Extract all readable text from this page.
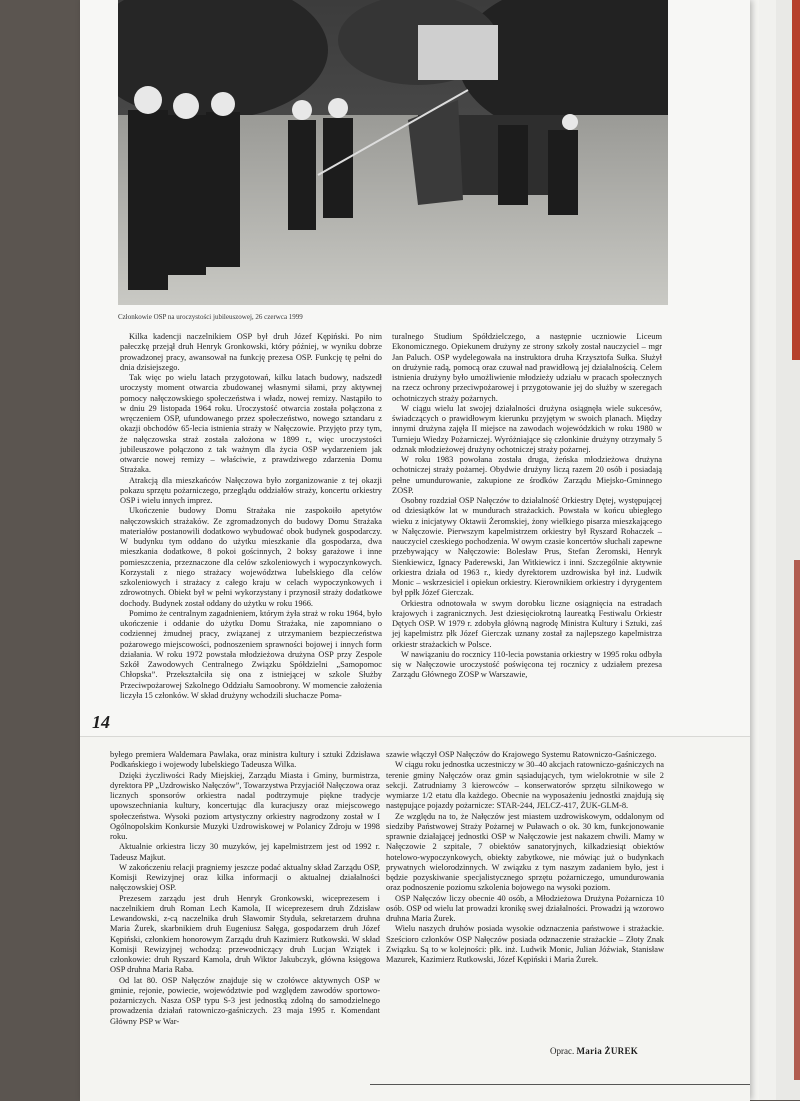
Członkowie OSP na uroczystości jubileuszowej, 26 czerwca 1999

Kilka kadencji naczelnikiem OSP był druh Józef Kępiński. Po nim pałeczkę przejął druh Henryk Gronkowski, który później, w wyniku dobrze prowadzonej pracy, awansował na funkcję prezesa OSP. Funkcję tę pełni do dnia dzisiejszego.

Tak więc po wielu latach przygotowań, kilku latach budowy, nadszedł uroczysty moment otwarcia zbudowanej własnymi siłami, przy aktywnej pomocy nałęczowskiego społeczeństwa i władz, nowej remizy. Nastąpiło to w dniu 29 listopada 1964 roku. Uroczystość otwarcia została połączona z wręczeniem OSP, ufundowanego przez społeczeństwo, nowego sztandaru z okazji obchodów 65-lecia istnienia straży w Nałęczowie. Przyjęto przy tym, że nałęczowska straż została założona w 1899 r., więc uroczystości jubileuszowe połączono z tak ważnym dla życia OSP wydarzeniem jak otwarcie nowej remizy – właściwie, z prawdziwego zdarzenia Domu Strażaka.

Atrakcją dla mieszkańców Nałęczowa było zorganizowanie z tej okazji pokazu sprzętu pożarniczego, przeglądu oddziałów straży, koncertu orkiestry OSP i wielu innych imprez.

Ukończenie budowy Domu Strażaka nie zaspokoiło apetytów nałęczowskich strażaków. Ze zgromadzonych do budowy Domu Strażaka materiałów postanowili dodatkowo wybudować obok budynek gospodarczy. W budynku tym oddano do użytku mieszkanie dla gospodarza, dwa mieszkania dodatkowe, 8 pokoi gościnnych, 2 boksy garażowe i inne pomieszczenia, przeznaczone dla celów szkoleniowych i wypoczynkowych. Korzystali z niego strażacy województwa lubelskiego dla celów szkoleniowych i strażacy z całego kraju w celach wypoczynkowych i zdrowotnych. Obiekt był w pełni wykorzystany i przynosił straży dodatkowe dochody. Budynek został oddany do użytku w roku 1966.

Pomimo że centralnym zagadnieniem, którym żyła straż w roku 1964, było ukończenie i oddanie do użytku Domu Strażaka, nie zapomniano o codziennej żmudnej pracy, związanej z utrzymaniem bezpieczeństwa pożarowego miejscowości, podnoszeniem sprawności bojowej i innych form działania. W roku 1972 powstała młodzieżowa drużyna OSP przy Zespole Szkół Zawodowych Centralnego Związku Spółdzielni „Samopomoc Chłopska”. Przekształciła się ona z istniejącej w szkole Służby Przeciwpożarowej Szkolnego Oddziału Samoobrony. W momencie założenia liczyła 15 członków. W skład drużyny wchodzili słuchacze Poma-

turalnego Studium Spółdzielczego, a następnie uczniowie Liceum Ekonomicznego. Opiekunem drużyny ze strony szkoły został nauczyciel – mgr Jan Paluch. OSP wydelegowała na instruktora druha Krzysztofa Sułka. Służył on drużynie radą, pomocą oraz czuwał nad prawidłową jej działalnością. Celem istnienia drużyny było umożliwienie młodzieży udziału w pracach społecznych na rzecz ochrony przeciwpożarowej i przygotowanie jej do służby w szeregach ochotniczych straży pożarnych.

W ciągu wielu lat swojej działalności drużyna osiągnęła wiele sukcesów, świadczących o prawidłowym kierunku przyjętym w swoich planach. Między innymi drużyna zajęła II miejsce na zawodach wojewódzkich w roku 1980 w Turnieju Wiedzy Pożarniczej. Wyróżniające się członkinie drużyny otrzymały 5 odznak młodzieżowej drużyny ochotniczej straży pożarnej.

W roku 1983 powołana została druga, żeńska młodzieżowa drużyna ochotniczej straży pożarnej. Obydwie drużyny liczą razem 20 osób i posiadają pełne umundurowanie, zakupione ze środków Zarządu Miejsko-Gminnego ZOSP.

Osobny rozdział OSP Nałęczów to działalność Orkiestry Dętej, występującej od dziesiątków lat w mundurach strażackich. Powstała w końcu ubiegłego wieku z inicjatywy Oktawii Żeromskiej, żony wielkiego pisarza mieszkającego w Nałęczowie. Pierwszym kapelmistrzem orkiestry był Ryszard Rohaczek – nauczyciel czeskiego pochodzenia. W owym czasie koncertów słuchali zapewne przebywający w Nałęczowie: Bolesław Prus, Stefan Żeromski, Henryk Sienkiewicz, Ignacy Paderewski, Jan Witkiewicz i inni. Szczególnie aktywnie orkiestra działa od 1963 r., kiedy dyrektorem uzdrowiska był inż. Ludwik Monic – wskrzesiciel i opiekun orkiestry. Kierownikiem orkiestry i dyrygentem był ppłk Józef Gierczak.

Orkiestra odnotowała w swym dorobku liczne osiągnięcia na estradach krajowych i zagranicznych. Jest dziesięciokrotną laureatką Festiwalu Orkiestr Dętych OSP. W 1979 r. zdobyła główną nagrodę Ministra Kultury i Sztuki, zaś jej kapelmistrz płk Józef Gierczak uznany został za najlepszego kapelmistrza orkiestr strażackich w Polsce.

W nawiązaniu do rocznicy 110-lecia powstania orkiestry w 1995 roku odbyła się w Nałęczowie uroczystość poświęcona tej rocznicy z udziałem prezesa Zarządu Głównego ZOSP w Warszawie,

14

byłego premiera Waldemara Pawlaka, oraz ministra kultury i sztuki Zdzisława Podkańskiego i wojewody lubelskiego Tadeusza Wilka.

Dzięki życzliwości Rady Miejskiej, Zarządu Miasta i Gminy, burmistrza, dyrektora PP „Uzdrowisko Nałęczów”, Towarzystwa Przyjaciół Nałęczowa oraz licznych sponsorów orkiestra nadal podtrzymuje piękne tradycje upowszechniania kultury, koncertując dla kuracjuszy oraz miejscowego społeczeństwa. Wysoki poziom artystyczny orkiestry nagrodzony został w I Ogólnopolskim Konkursie Muzyki Uzdrowiskowej w Polanicy Zdroju w 1998 roku.

Aktualnie orkiestra liczy 30 muzyków, jej kapelmistrzem jest od 1992 r. Tadeusz Majkut.

W zakończeniu relacji pragniemy jeszcze podać aktualny skład Zarządu OSP, Komisji Rewizyjnej oraz kilka informacji o aktualnej działalności nałęczowskiej OSP.

Prezesem zarządu jest druh Henryk Gronkowski, wiceprezesem i naczelnikiem druh Roman Lech Kamola, II wiceprezesem druh Zdzisław Lewandowski, z-cą naczelnika druh Sławomir Styduła, sekretarzem druhna Maria Żurek, skarbnikiem druh Eugeniusz Sałęga, gospodarzem druh Józef Kępiński, członkiem honorowym Zarządu druh Kazimierz Rutkowski. W skład Komisji Rewizyjnej wchodzą: przewodniczący druh Lucjan Wziątek i członkowie: druh Ryszard Kamola, druh Wiktor Jakubczyk, główna księgowa OSP druhna Maria Raba.

Od lat 80. OSP Nałęczów znajduje się w czołówce aktywnych OSP w gminie, rejonie, powiecie, województwie pod względem zawodów sportowo-pożarniczych. Nasza OSP typu S-3 jest jednostką zdolną do samodzielnego prowadzenia działań ratowniczo-gaśniczych. 23 maja 1995 r. Komendant Główny PSP w War-

szawie włączył OSP Nałęczów do Krajowego Systemu Ratowniczo-Gaśniczego.

W ciągu roku jednostka uczestniczy w 30–40 akcjach ratowniczo-gaśniczych na terenie gminy Nałęczów oraz gmin sąsiadujących, tym wielokrotnie w sile 2 sekcji. Zatrudniamy 3 kierowców – konserwatorów sprzętu silnikowego w wymiarze 1/2 etatu dla każdego. Obecnie na wyposażeniu jednostki znajdują się następujące pojazdy pożarnicze: STAR-244, JELCZ-417, ŻUK-GLM-8.

Ze względu na to, że Nałęczów jest miastem uzdrowiskowym, oddalonym od siedziby Państwowej Straży Pożarnej w Puławach o ok. 30 km, funkcjonowanie sprawnie działającej jednostki OSP w Nałęczowie jest nakazem chwili. Mamy w Nałęczowie 2 szpitale, 7 obiektów sanatoryjnych, kilkadziesiąt obiektów hotelowo-wypoczynkowych, obiekty zabytkowe, nie mówiąc już o budynkach prywatnych wielorodzinnych. W związku z tym naszym zadaniem było, jest i będzie pozyskiwanie specjalistycznego sprzętu pożarniczego, umundurowania oraz podnoszenie poziomu szkolenia bojowego na wysoki poziom.

OSP Nałęczów liczy obecnie 40 osób, a Młodzieżowa Drużyna Pożarnicza 10 osób. OSP od wielu lat prowadzi kronikę swej działalności. Prowadzi ją wzorowo druhna Maria Żurek.

Wielu naszych druhów posiada wysokie odznaczenia państwowe i strażackie. Sześcioro członków OSP Nałęczów posiada odznaczenie strażackie – Złoty Znak Związku. Są to w kolejności: płk. inż. Ludwik Monic, Julian Jóźwiak, Stanisław Mazurek, Kazimierz Rutkowski, Józef Kępiński i Maria Żurek.

Oprac. Maria ŻUREK
